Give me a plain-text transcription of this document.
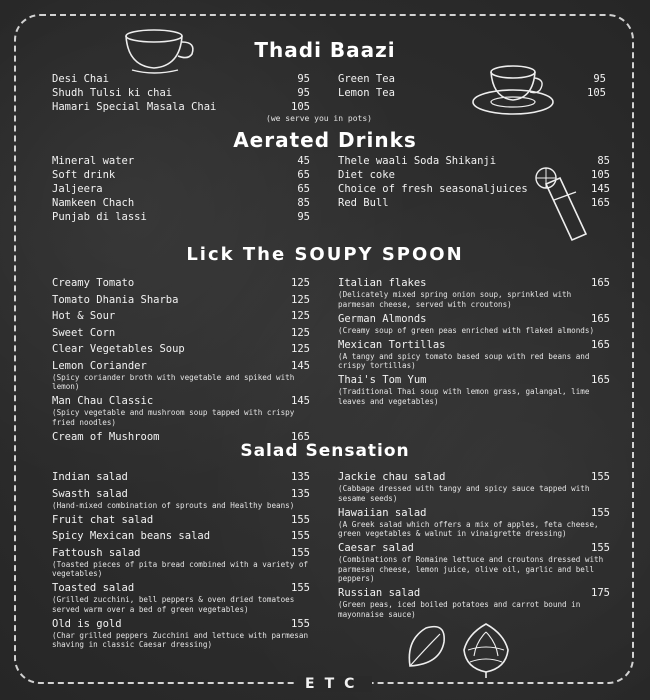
Thadi Baazi
Aerated Drinks
Lick The SOUPY SPOON
Salad Sensation
Desi Chai	95
Shudh Tulsi ki chai	95
Hamari Special Masala Chai	105
(we serve you in pots)
Green Tea	95
Lemon Tea	105
Mineral water	45
Soft drink	65
Jaljeera	65
Namkeen Chach	85
Punjab di lassi	95
Thele waali Soda Shikanji	85
Diet coke	105
Choice of fresh seasonaljuices	145
Red Bull	165
Creamy Tomato	125
Tomato Dhania Sharba	125
Hot & Sour	125
Sweet Corn	125
Clear Vegetables Soup	125
Lemon Coriander	145
(Spicy coriander broth with vegetable and spiked with lemon)
Man Chau Classic	145
(Spicy vegetable and mushroom soup tapped with crispy fried noodles)
Cream of Mushroom	165
Italian flakes	165
(Delicately mixed spring onion soup, sprinkled with parmesan cheese, served with croutons)
German Almonds	165
(Creamy soup of green peas enriched with flaked almonds)
Mexican Tortillas	165
(A tangy and spicy tomato based soup with red beans and crispy tortillas)
Thai's Tom Yum	165
(Traditional Thai soup with lemon grass, galangal, lime leaves and vegetables)
Indian salad	135
Swasth salad	135
(Hand-mixed combination of sprouts and Healthy beans)
Fruit chat salad	155
Spicy Mexican beans salad	155
Fattoush salad	155
(Toasted pieces of pita bread combined with a variety of vegetables)
Toasted salad	155
(Grilled zucchini, bell peppers & oven dried tomatoes served warm over a bed of green vegetables)
Old is gold	155
(Char grilled peppers Zucchini and lettuce with parmesan shaving in classic Caesar dressing)
Jackie chau salad	155
(Cabbage dressed with tangy and spicy sauce tapped with sesame seeds)
Hawaiian salad	155
(A Greek salad which offers a mix of apples, feta cheese, green vegetables & walnut in vinaigrette dressing)
Caesar salad	155
(Combinations of Romaine lettuce and croutons dressed with parmesan cheese, lemon juice, olive oil, garlic and bell peppers)
Russian salad	175
(Green peas, iced boiled potatoes and carrot bound in mayonnaise sauce)
ETC
